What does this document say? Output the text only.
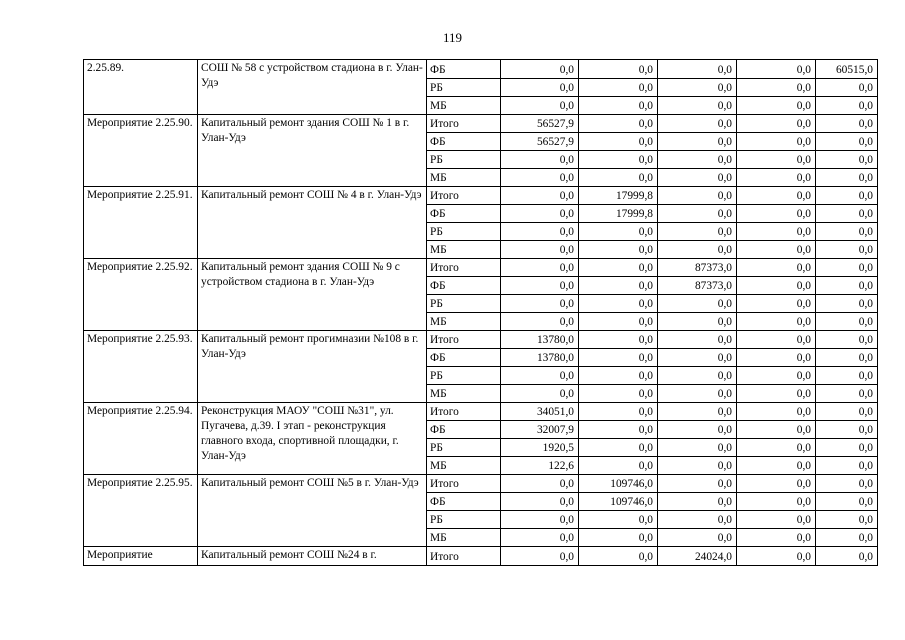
119
2.25.89.	СОШ № 58 с устройством стадиона в г. Улан-Удэ	ФБ	0,0	0,0	0,0	0,0	60515,0
		РБ	0,0	0,0	0,0	0,0	0,0
		МБ	0,0	0,0	0,0	0,0	0,0
Мероприятие 2.25.90.	Капитальный ремонт здания СОШ № 1 в г. Улан-Удэ	Итого	56527,9	0,0	0,0	0,0	0,0
		ФБ	56527,9	0,0	0,0	0,0	0,0
		РБ	0,0	0,0	0,0	0,0	0,0
		МБ	0,0	0,0	0,0	0,0	0,0
Мероприятие 2.25.91.	Капитальный ремонт СОШ № 4 в г. Улан-Удэ	Итого	0,0	17999,8	0,0	0,0	0,0
		ФБ	0,0	17999,8	0,0	0,0	0,0
		РБ	0,0	0,0	0,0	0,0	0,0
		МБ	0,0	0,0	0,0	0,0	0,0
Мероприятие 2.25.92.	Капитальный ремонт здания СОШ № 9 с устройством стадиона в г. Улан-Удэ	Итого	0,0	0,0	87373,0	0,0	0,0
		ФБ	0,0	0,0	87373,0	0,0	0,0
		РБ	0,0	0,0	0,0	0,0	0,0
		МБ	0,0	0,0	0,0	0,0	0,0
Мероприятие 2.25.93.	Капитальный ремонт прогимназии №108 в г. Улан-Удэ	Итого	13780,0	0,0	0,0	0,0	0,0
		ФБ	13780,0	0,0	0,0	0,0	0,0
		РБ	0,0	0,0	0,0	0,0	0,0
		МБ	0,0	0,0	0,0	0,0	0,0
Мероприятие 2.25.94.	Реконструкция МАОУ "СОШ №31", ул. Пугачева, д.39. I этап - реконструкция главного входа, спортивной площадки, г. Улан-Удэ	Итого	34051,0	0,0	0,0	0,0	0,0
		ФБ	32007,9	0,0	0,0	0,0	0,0
		РБ	1920,5	0,0	0,0	0,0	0,0
		МБ	122,6	0,0	0,0	0,0	0,0
Мероприятие 2.25.95.	Капитальный ремонт СОШ №5 в г. Улан-Удэ	Итого	0,0	109746,0	0,0	0,0	0,0
		ФБ	0,0	109746,0	0,0	0,0	0,0
		РБ	0,0	0,0	0,0	0,0	0,0
		МБ	0,0	0,0	0,0	0,0	0,0
Мероприятие	Капитальный ремонт СОШ №24 в г.	Итого	0,0	0,0	24024,0	0,0	0,0
